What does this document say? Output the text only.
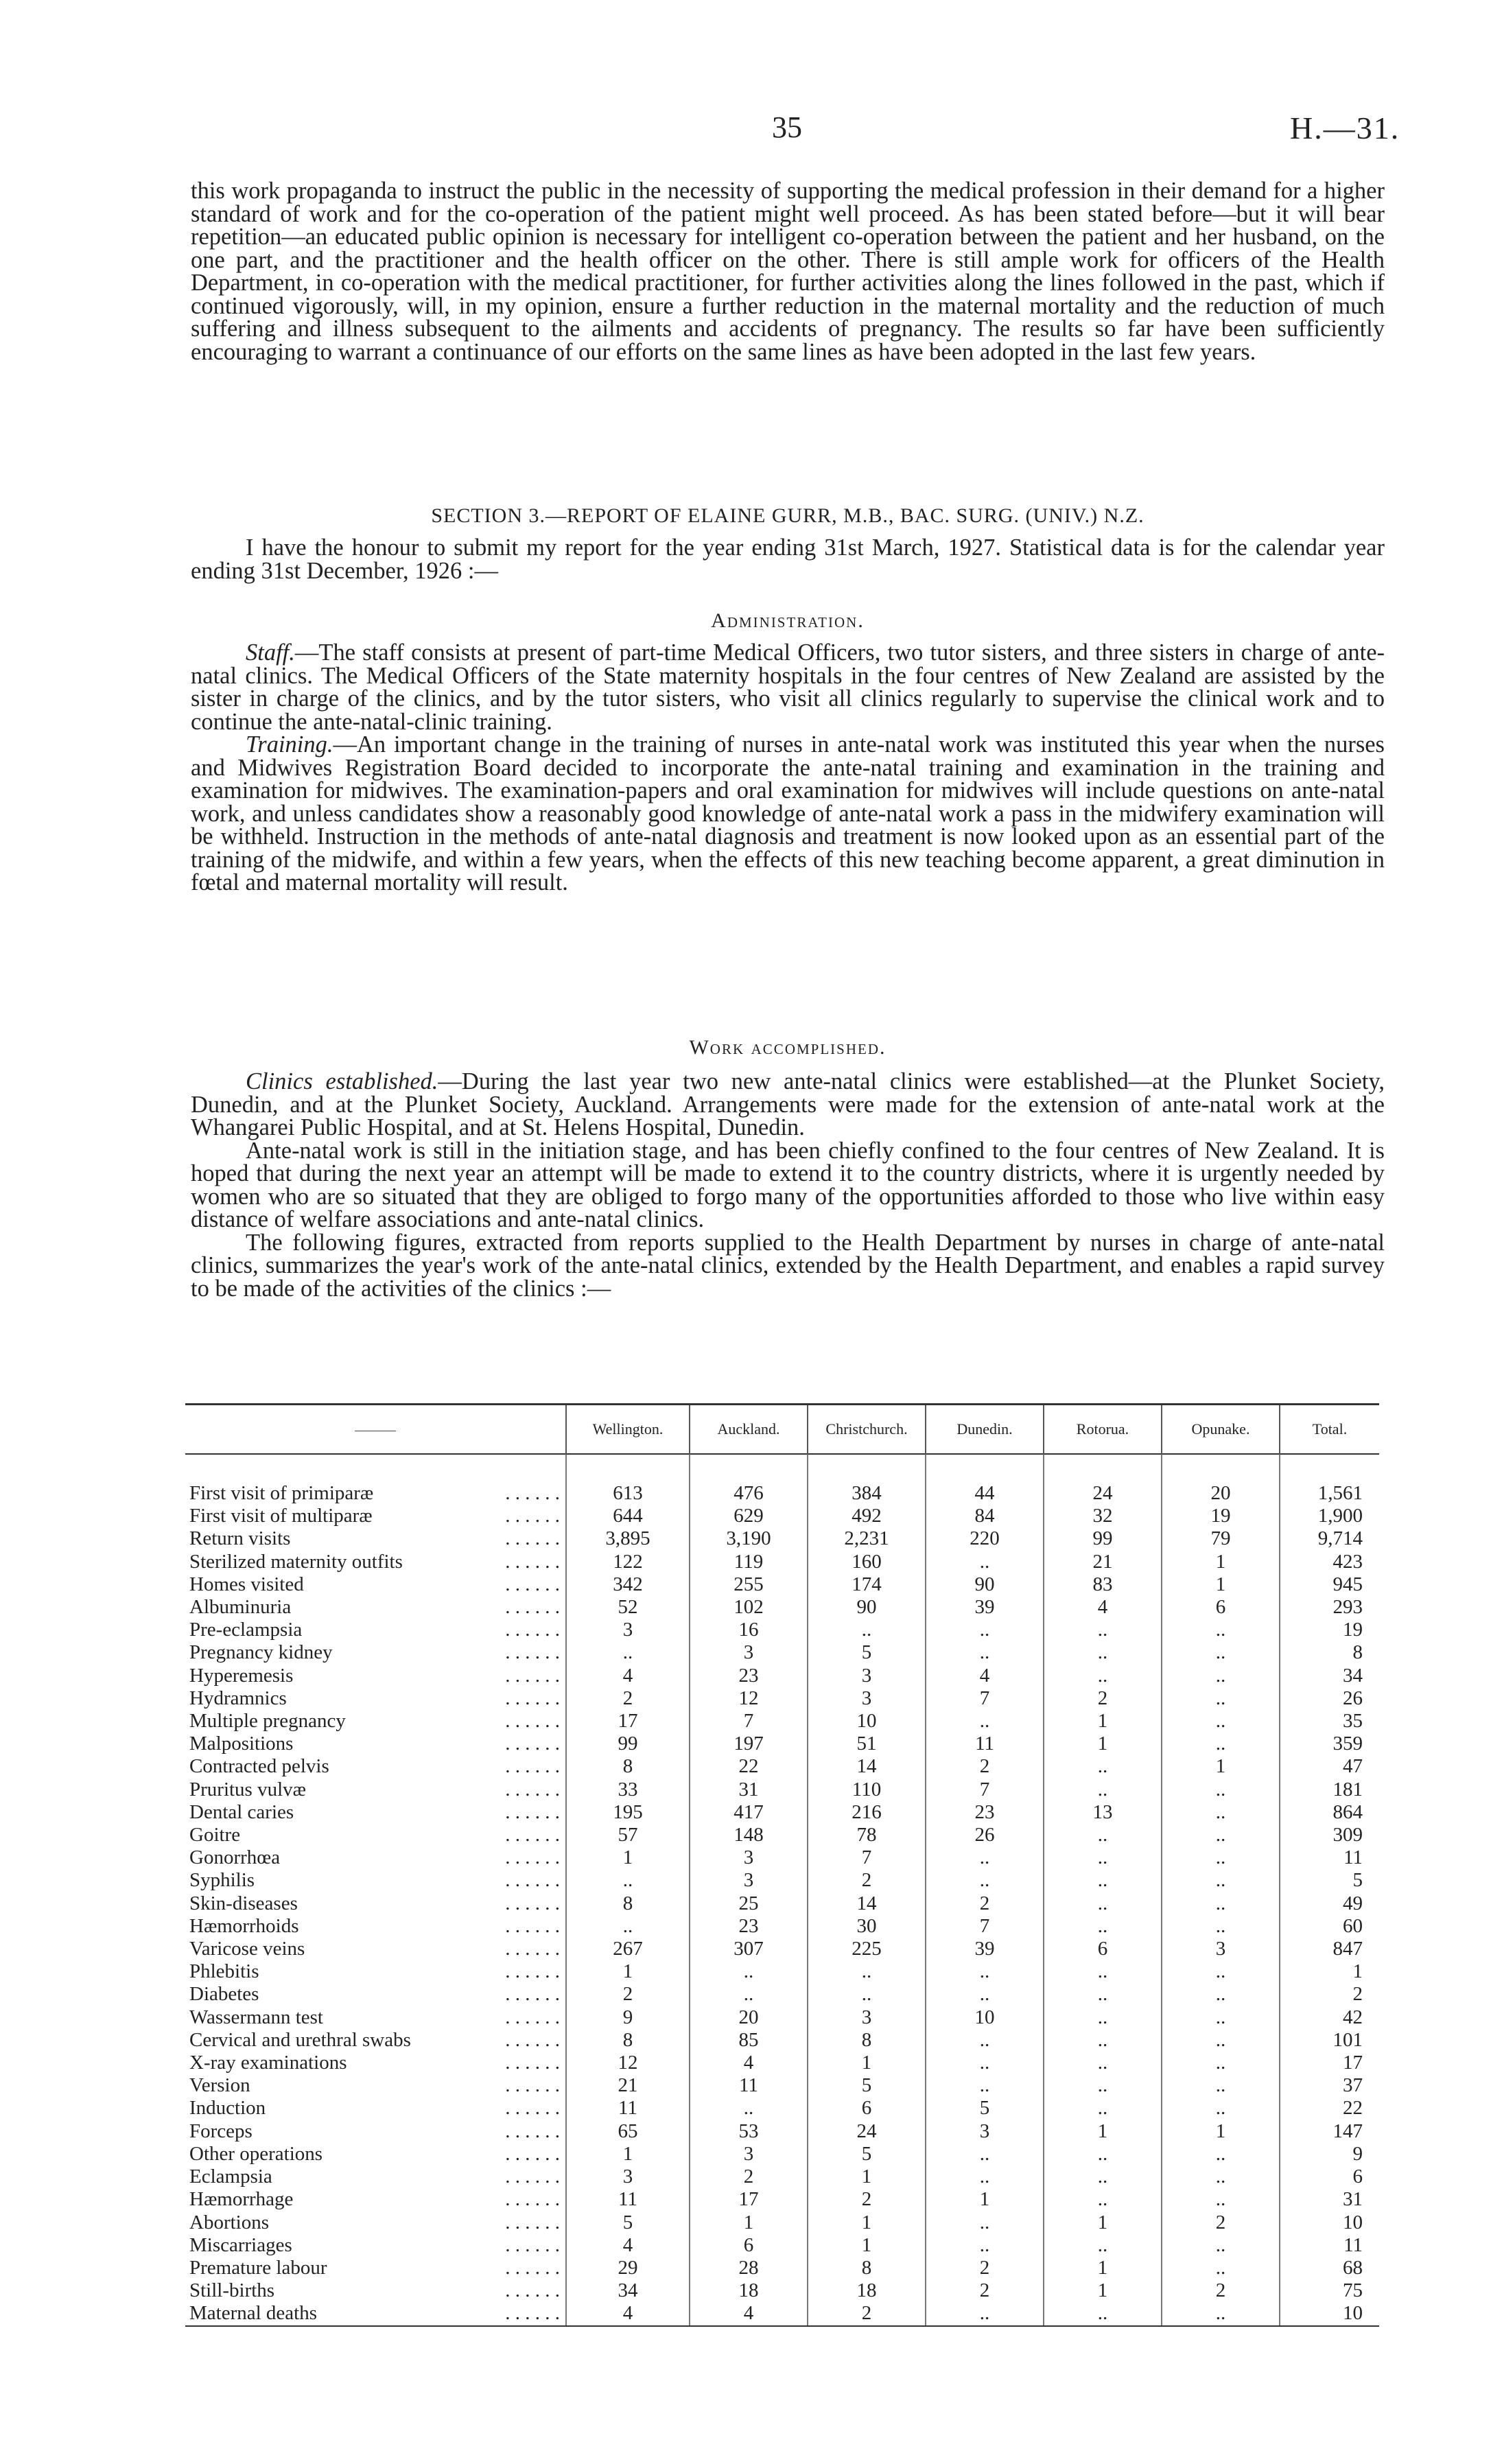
35	H.—31.

this work propaganda to instruct the public in the necessity of supporting the medical profession in their demand for a higher standard of work and for the co-operation of the patient might well proceed. As has been stated before—but it will bear repetition—an educated public opinion is necessary for intelligent co-operation between the patient and her husband, on the one part, and the practitioner and the health officer on the other. There is still ample work for officers of the Health Department, in co-operation with the medical practitioner, for further activities along the lines followed in the past, which if continued vigorously, will, in my opinion, ensure a further reduction in the maternal mortality and the reduction of much suffering and illness subsequent to the ailments and accidents of pregnancy. The results so far have been sufficiently encouraging to warrant a continuance of our efforts on the same lines as have been adopted in the last few years.

SECTION 3.—REPORT OF ELAINE GURR, M.B., BAC. SURG. (UNIV.) N.Z.

I have the honour to submit my report for the year ending 31st March, 1927. Statistical data is for the calendar year ending 31st December, 1926 :—

Administration.

Staff.—The staff consists at present of part-time Medical Officers, two tutor sisters, and three sisters in charge of ante-natal clinics. The Medical Officers of the State maternity hospitals in the four centres of New Zealand are assisted by the sister in charge of the clinics, and by the tutor sisters, who visit all clinics regularly to supervise the clinical work and to continue the ante-natal-clinic training.

Training.—An important change in the training of nurses in ante-natal work was instituted this year when the nurses and Midwives Registration Board decided to incorporate the ante-natal training and examination in the training and examination for midwives. The examination-papers and oral examination for midwives will include questions on ante-natal work, and unless candidates show a reasonably good knowledge of ante-natal work a pass in the midwifery examination will be withheld. Instruction in the methods of ante-natal diagnosis and treatment is now looked upon as an essential part of the training of the midwife, and within a few years, when the effects of this new teaching become apparent, a great diminution in fœtal and maternal mortality will result.

Work accomplished.

Clinics established.—During the last year two new ante-natal clinics were established—at the Plunket Society, Dunedin, and at the Plunket Society, Auckland. Arrangements were made for the extension of ante-natal work at the Whangarei Public Hospital, and at St. Helens Hospital, Dunedin.

Ante-natal work is still in the initiation stage, and has been chiefly confined to the four centres of New Zealand. It is hoped that during the next year an attempt will be made to extend it to the country districts, where it is urgently needed by women who are so situated that they are obliged to forgo many of the opportunities afforded to those who live within easy distance of welfare associations and ante-natal clinics.

The following figures, extracted from reports supplied to the Health Department by nurses in charge of ante-natal clinics, summarizes the year's work of the ante-natal clinics, extended by the Health Department, and enables a rapid survey to be made of the activities of the clinics :—

	Wellington.	Auckland.	Christchurch.	Dunedin.	Rotorua.	Opunake.	Total.

First visit of primiparæ . . . . . .	613	476	384	44	24	20	1,561

First visit of multiparæ . . . . . .	644	629	492	84	32	19	1,900

Return visits . . . . . .	3,895	3,190	2,231	220	99	79	9,714

Sterilized maternity outfits . . . . . .	122	119	160	..	21	1	423

Homes visited . . . . . .	342	255	174	90	83	1	945

Albuminuria . . . . . .	52	102	90	39	4	6	293

Pre-eclampsia . . . . . .	3	16	..	..	..	..	19

Pregnancy kidney . . . . . .	..	3	5	..	..	..	8

Hyperemesis . . . . . .	4	23	3	4	..	..	34

Hydramnics . . . . . .	2	12	3	7	2	..	26

Multiple pregnancy . . . . . .	17	7	10	..	1	..	35

Malpositions . . . . . .	99	197	51	11	1	..	359

Contracted pelvis . . . . . .	8	22	14	2	..	1	47

Pruritus vulvæ . . . . . .	33	31	110	7	..	..	181

Dental caries . . . . . .	195	417	216	23	13	..	864

Goitre . . . . . .	57	148	78	26	..	..	309

Gonorrhœa . . . . . .	1	3	7	..	..	..	11

Syphilis . . . . . .	..	3	2	..	..	..	5

Skin-diseases . . . . . .	8	25	14	2	..	..	49

Hæmorrhoids . . . . . .	..	23	30	7	..	..	60

Varicose veins . . . . . .	267	307	225	39	6	3	847

Phlebitis . . . . . .	1	..	..	..	..	..	1

Diabetes . . . . . .	2	..	..	..	..	..	2

Wassermann test . . . . . .	9	20	3	10	..	..	42

Cervical and urethral swabs . . . . . .	8	85	8	..	..	..	101

X-ray examinations . . . . . .	12	4	1	..	..	..	17

Version . . . . . .	21	11	5	..	..	..	37

Induction . . . . . .	11	..	6	5	..	..	22

Forceps . . . . . .	65	53	24	3	1	1	147

Other operations . . . . . .	1	3	5	..	..	..	9

Eclampsia . . . . . .	3	2	1	..	..	..	6

Hæmorrhage . . . . . .	11	17	2	1	..	..	31

Abortions . . . . . .	5	1	1	..	1	2	10

Miscarriages . . . . . .	4	6	1	..	..	..	11

Premature labour . . . . . .	29	28	8	2	1	..	68

Still-births . . . . . .	34	18	18	2	1	2	75

Maternal deaths . . . . . .	4	4	2	..	..	..	10
